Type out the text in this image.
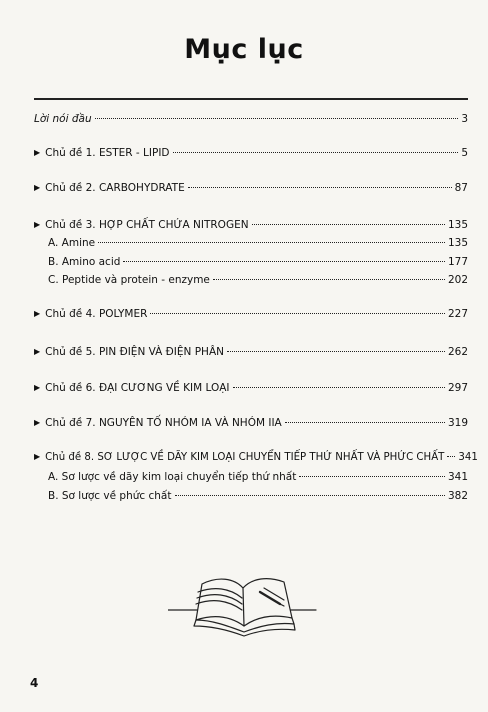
Mục lục
Lời nói đầu	3
▶ Chủ đề 1. ESTER - LIPID	5
▶ Chủ đề 2. CARBOHYDRATE	87
▶ Chủ đề 3. HỢP CHẤT CHỨA NITROGEN	135
A. Amine	135
B. Amino acid	177
C. Peptide và protein - enzyme	202
▶ Chủ đề 4. POLYMER	227
▶ Chủ đề 5. PIN ĐIỆN VÀ ĐIỆN PHÂN	262
▶ Chủ đề 6. ĐẠI CƯƠNG VỀ KIM LOẠI	297
▶ Chủ đề 7. NGUYÊN TỐ NHÓM IA VÀ NHÓM IIA	319
▶ Chủ đề 8. SƠ LƯỢC VỀ DÃY KIM LOẠI CHUYỂN TIẾP THỨ NHẤT VÀ PHỨC CHẤT 341
A. Sơ lược về dãy kim loại chuyển tiếp thứ nhất	341
B. Sơ lược về phức chất	382
4
